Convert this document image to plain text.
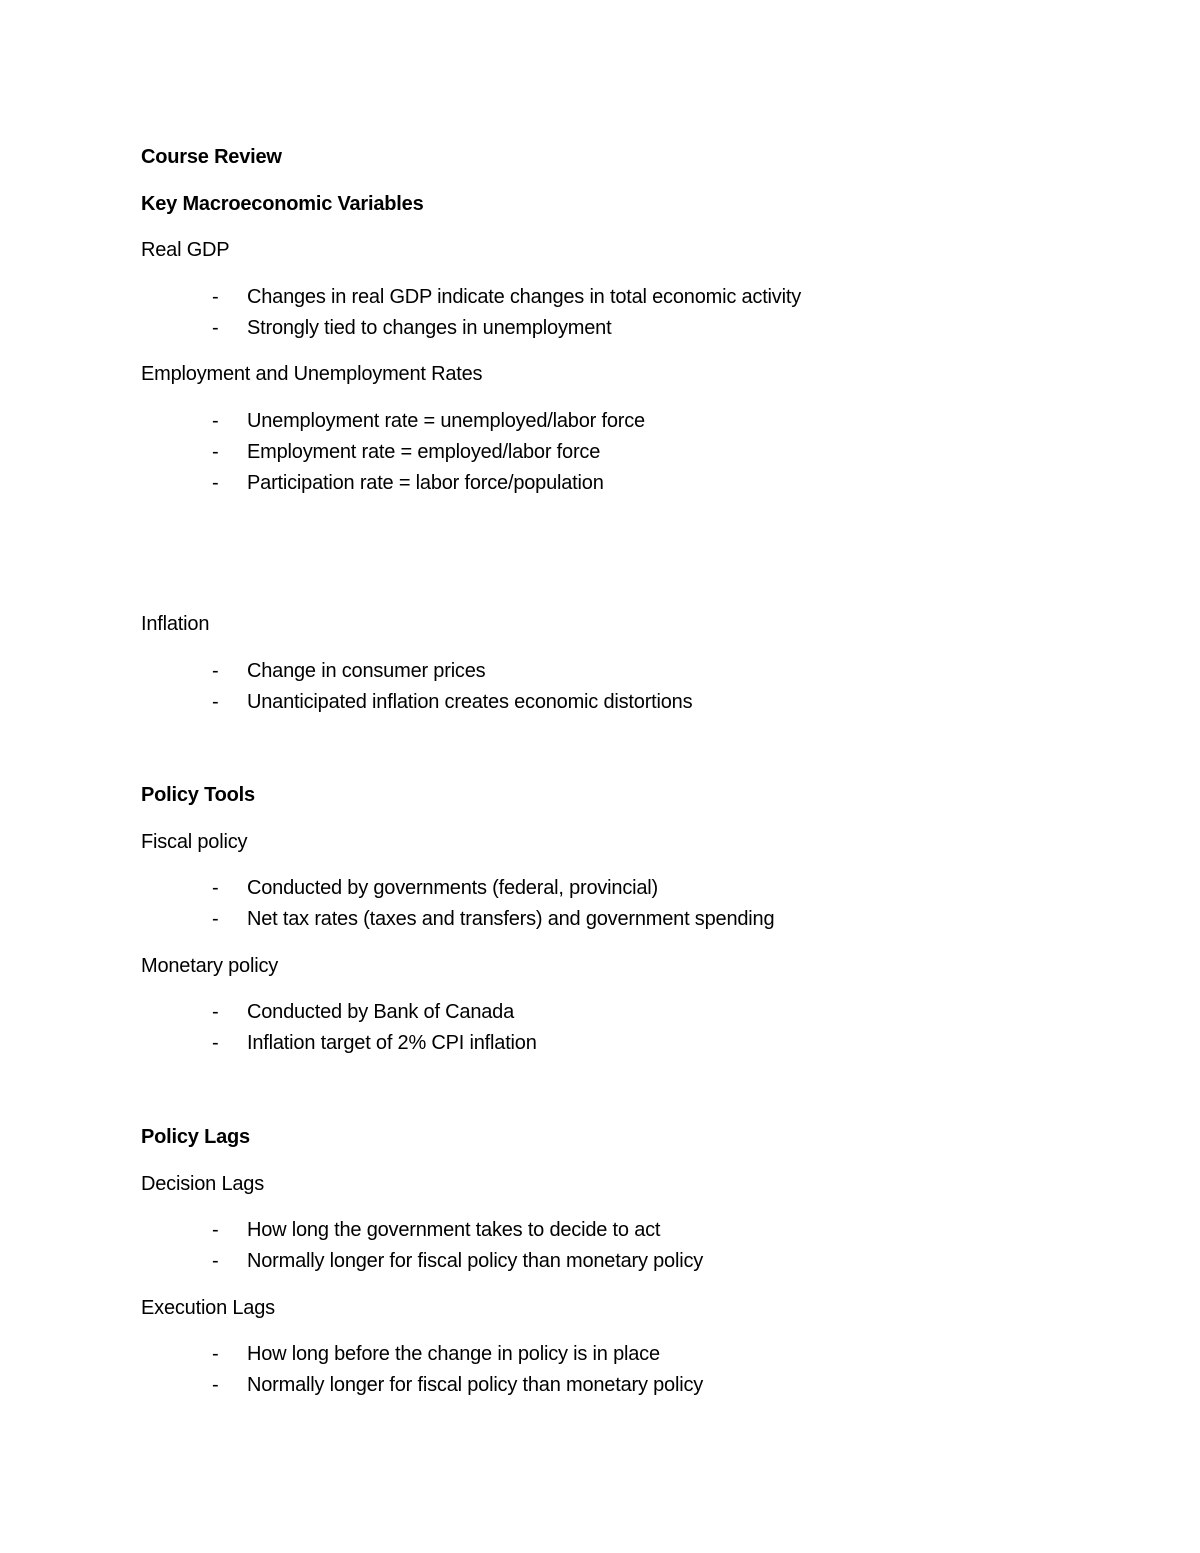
Course Review
Key Macroeconomic Variables
Real GDP
- Changes in real GDP indicate changes in total economic activity
- Strongly tied to changes in unemployment
Employment and Unemployment Rates
- Unemployment rate = unemployed/labor force
- Employment rate = employed/labor force
- Participation rate = labor force/population
Inflation
- Change in consumer prices
- Unanticipated inflation creates economic distortions
Policy Tools
Fiscal policy
- Conducted by governments (federal, provincial)
- Net tax rates (taxes and transfers) and government spending
Monetary policy
- Conducted by Bank of Canada
- Inflation target of 2% CPI inflation
Policy Lags
Decision Lags
- How long the government takes to decide to act
- Normally longer for fiscal policy than monetary policy
Execution Lags
- How long before the change in policy is in place
- Normally longer for fiscal policy than monetary policy
